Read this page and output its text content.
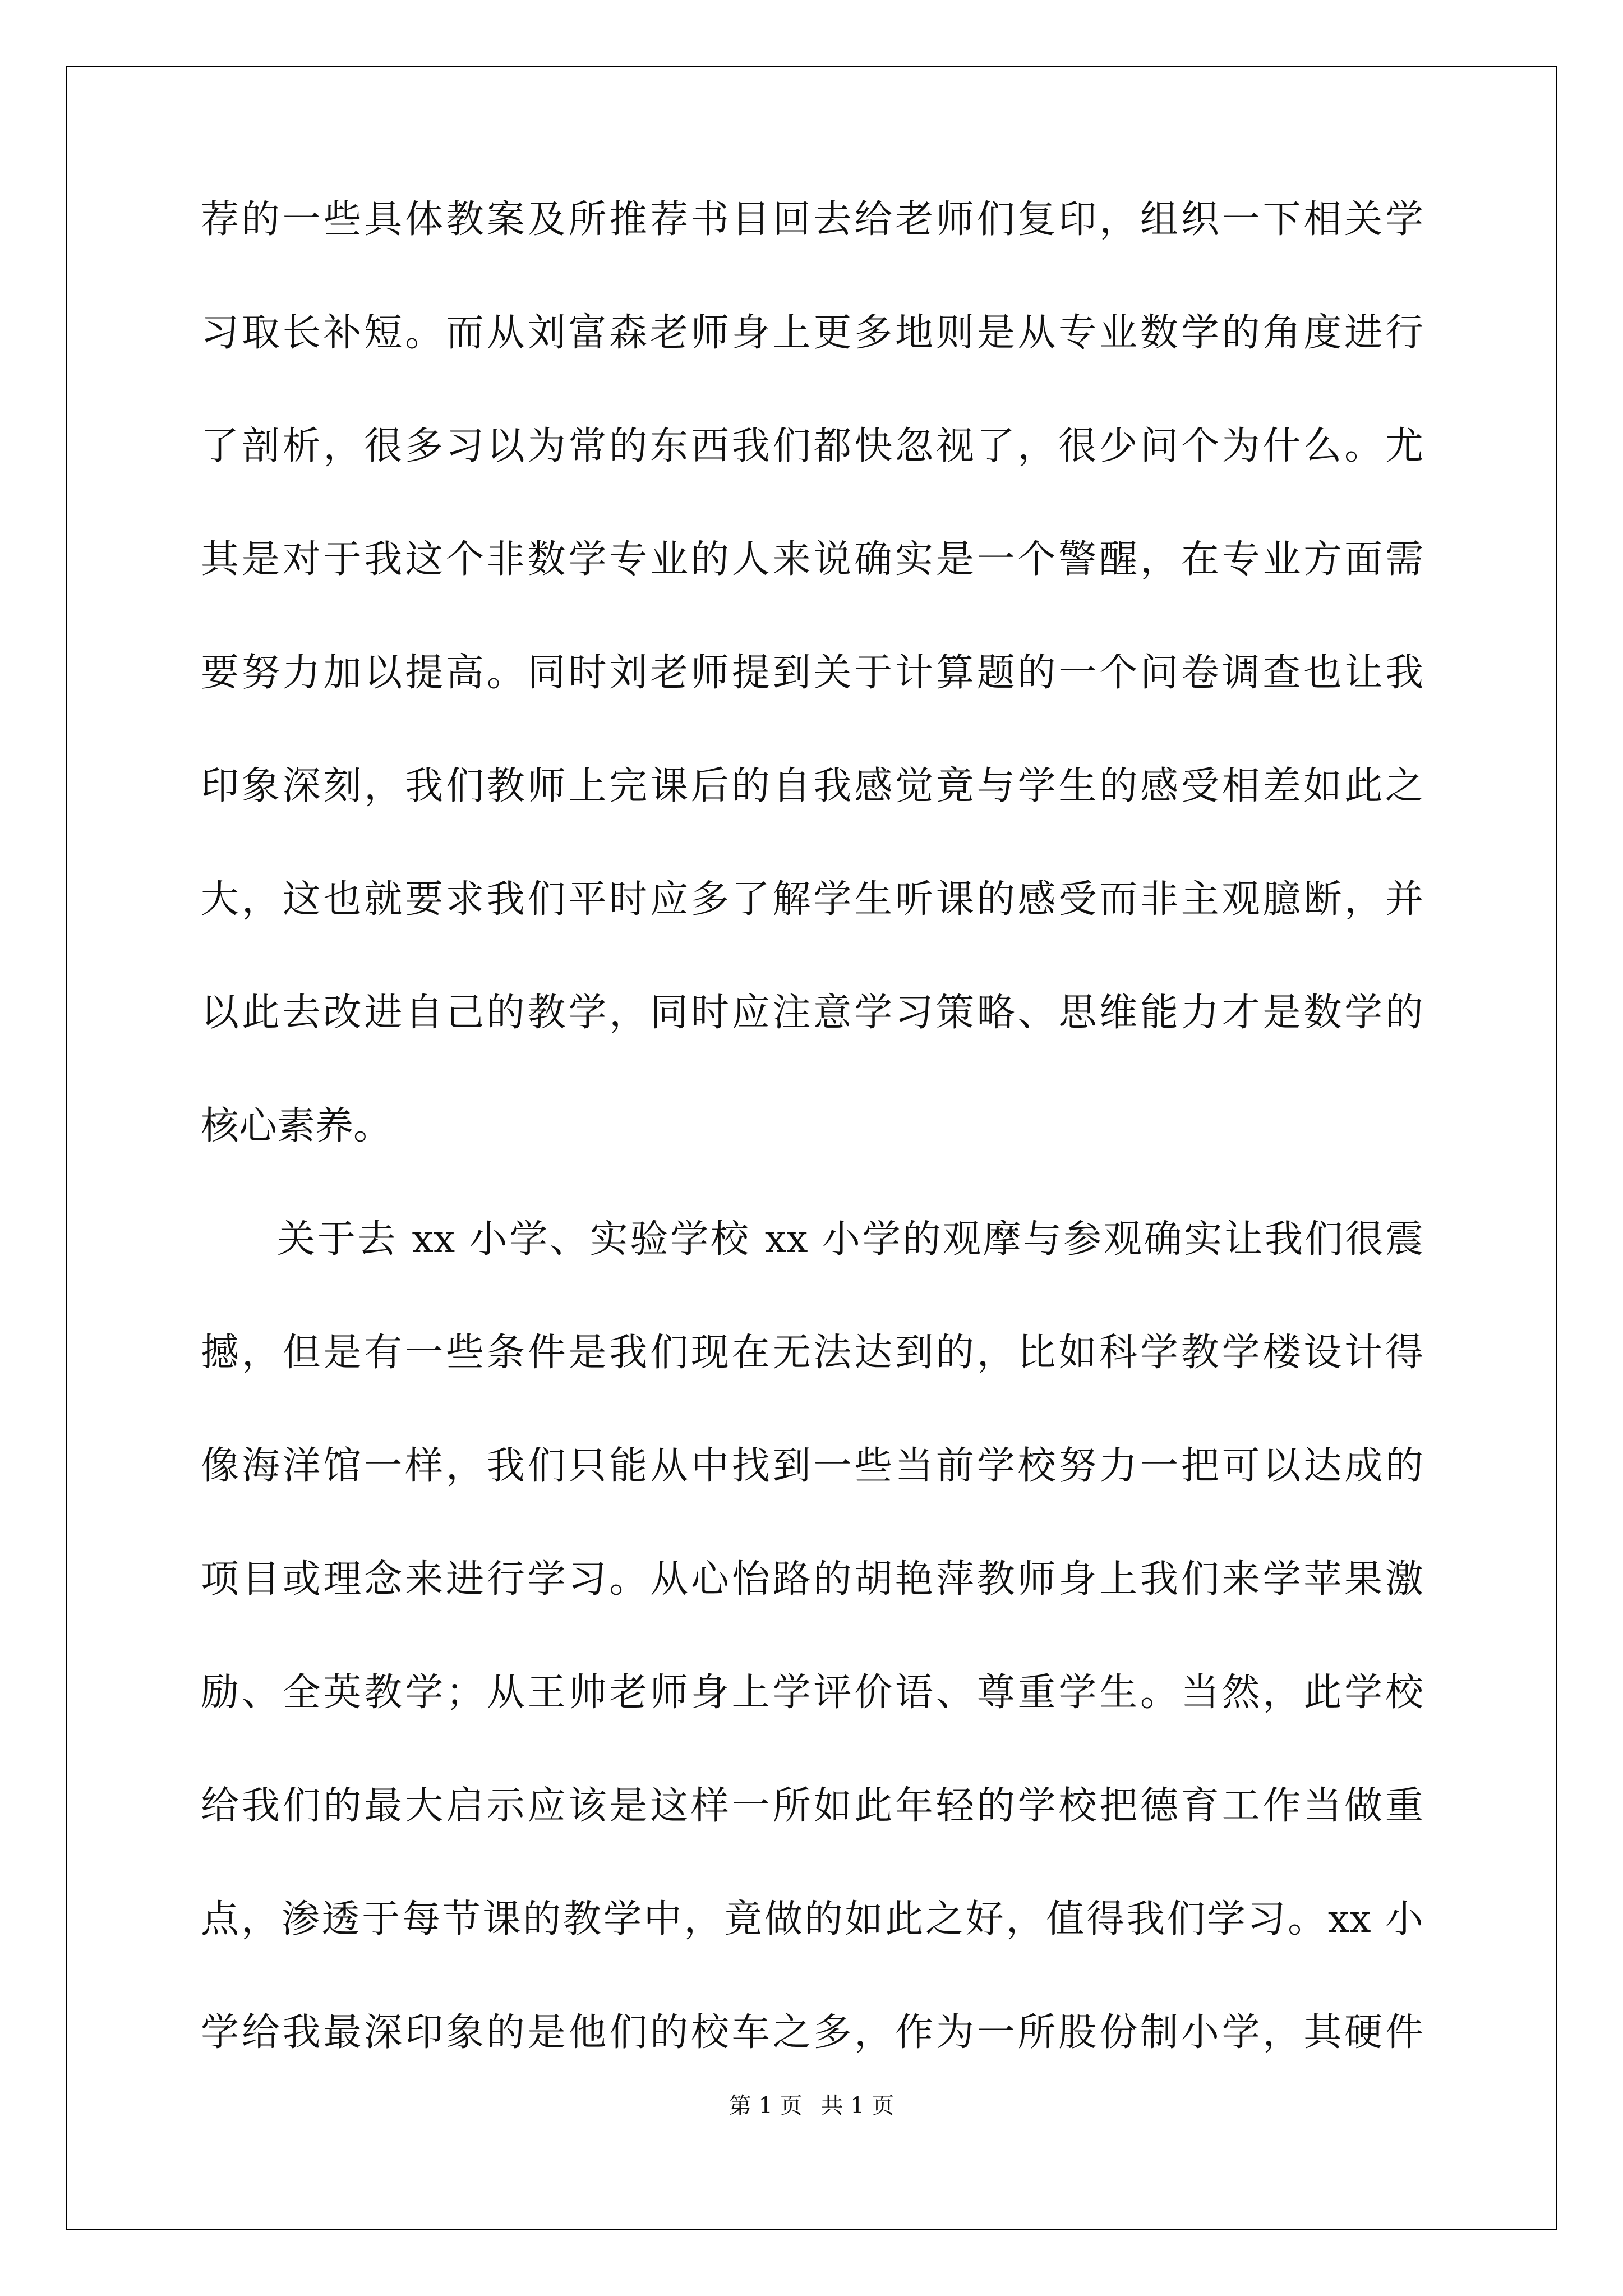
荐的一些具体教案及所推荐书目回去给老师们复印，组织一下相关学
习取长补短。而从刘富森老师身上更多地则是从专业数学的角度进行
了剖析，很多习以为常的东西我们都快忽视了，很少问个为什么。尤
其是对于我这个非数学专业的人来说确实是一个警醒，在专业方面需
要努力加以提高。同时刘老师提到关于计算题的一个问卷调查也让我
印象深刻，我们教师上完课后的自我感觉竟与学生的感受相差如此之
大，这也就要求我们平时应多了解学生听课的感受而非主观臆断，并
以此去改进自己的教学，同时应注意学习策略、思维能力才是数学的
核心素养。
关于去 xx 小学、实验学校 xx 小学的观摩与参观确实让我们很震
撼，但是有一些条件是我们现在无法达到的，比如科学教学楼设计得
像海洋馆一样，我们只能从中找到一些当前学校努力一把可以达成的
项目或理念来进行学习。从心怡路的胡艳萍教师身上我们来学苹果激
励、全英教学；从王帅老师身上学评价语、尊重学生。当然，此学校
给我们的最大启示应该是这样一所如此年轻的学校把德育工作当做重
点，渗透于每节课的教学中，竟做的如此之好，值得我们学习。xx 小
学给我最深印象的是他们的校车之多，作为一所股份制小学，其硬件
第 1 页 共 1 页
